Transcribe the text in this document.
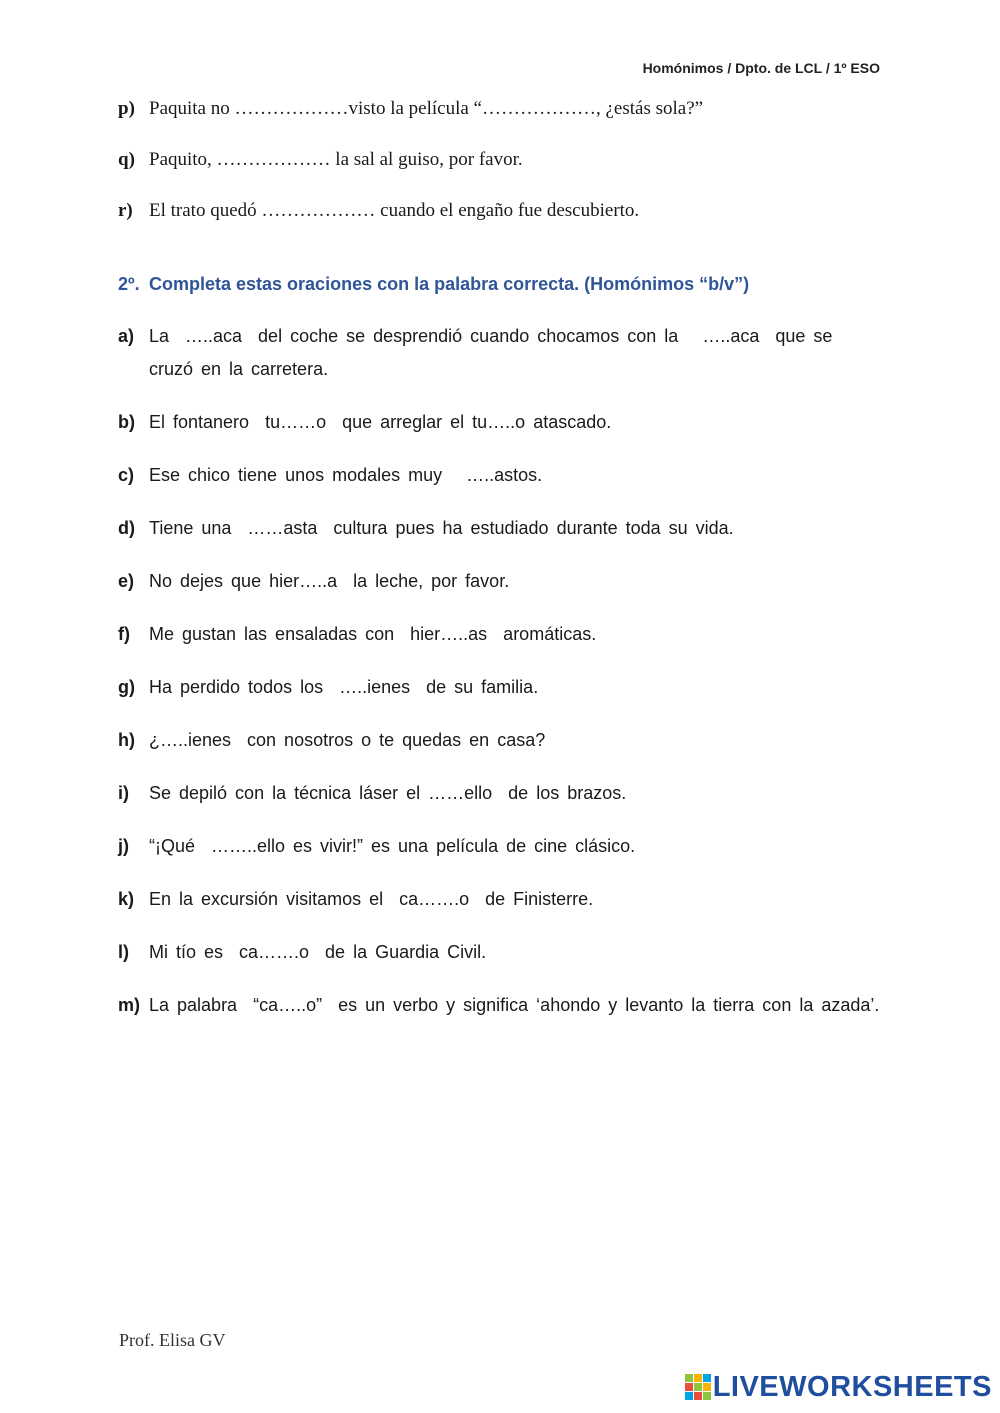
Homónimos / Dpto. de LCL / 1º ESO
p) Paquita no ………………visto la película “………………, ¿estás sola?”
q) Paquito, ……………… la sal al guiso, por favor.
r) El trato quedó ……………… cuando el engaño fue descubierto.
2º. Completa estas oraciones con la palabra correcta. (Homónimos “b/v”)
a) La  …..aca  del coche se desprendió cuando chocamos con la   …..aca  que se cruzó en la carretera.
b) El fontanero  tu……o  que arreglar el tu…..o atascado.
c) Ese chico tiene unos modales muy   …..astos.
d) Tiene una  ……asta  cultura pues ha estudiado durante toda su vida.
e) No dejes que hier…..a  la leche, por favor.
f)	Me gustan las ensaladas con  hier…..as  aromáticas.
g) Ha perdido todos los  …..ienes  de su familia.
h) ¿…..ienes  con nosotros o te quedas en casa?
i)	Se depiló con la técnica láser el ……ello  de los brazos.
j)	“¡Qué  ……..ello es vivir!” es una película de cine clásico.
k) En la excursión visitamos el  ca…….o  de Finisterre.
l)	Mi tío es  ca…….o  de la Guardia Civil.
m) La palabra  “ca…..o”  es un verbo y significa ‘ahondo y levanto la tierra con la azada’.
Prof. Elisa GV
LIVEWORKSHEETS
